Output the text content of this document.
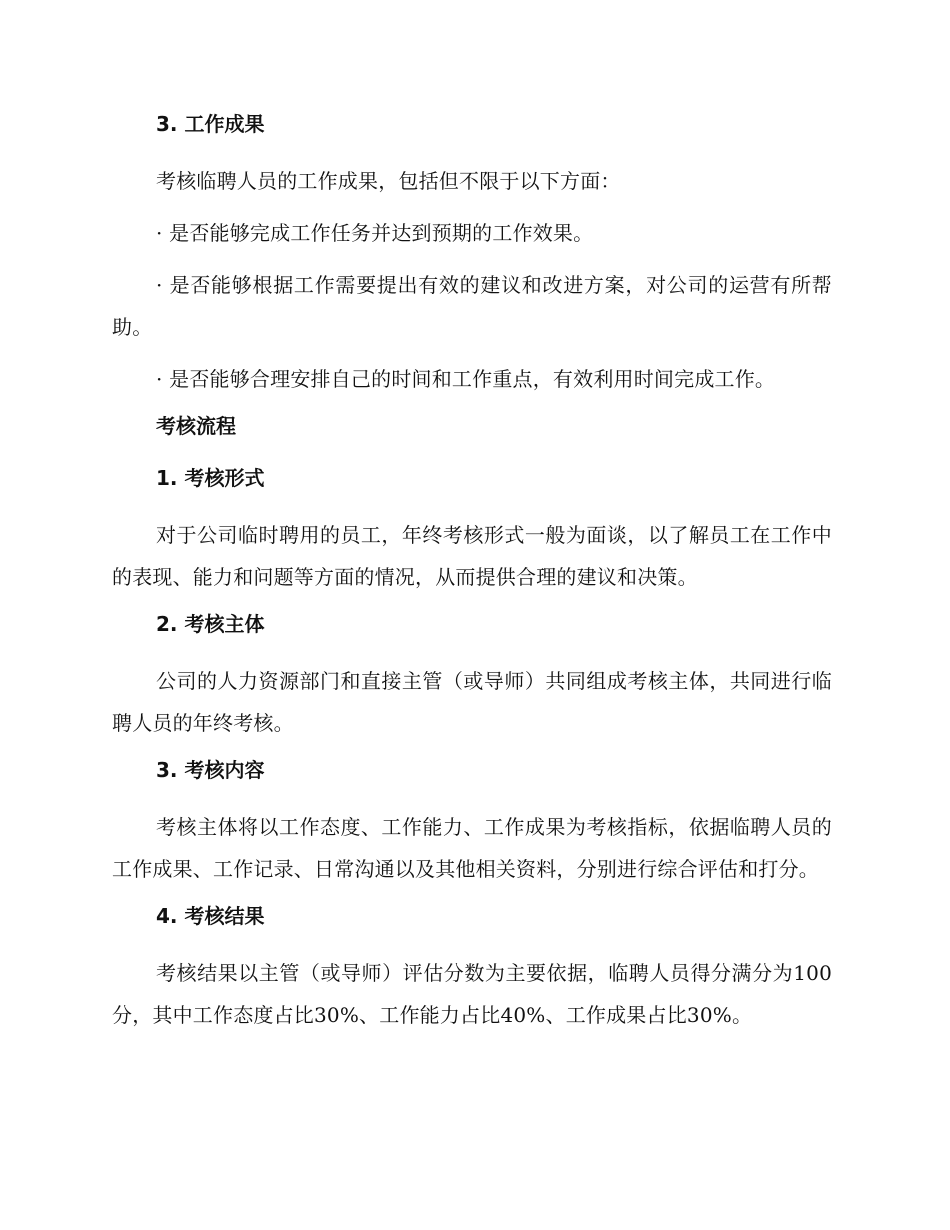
3. 工作成果
考核临聘人员的工作成果，包括但不限于以下方面：
· 是否能够完成工作任务并达到预期的工作效果。
· 是否能够根据工作需要提出有效的建议和改进方案，对公司的运营有所帮助。
· 是否能够合理安排自己的时间和工作重点，有效利用时间完成工作。
考核流程
1. 考核形式
对于公司临时聘用的员工，年终考核形式一般为面谈，以了解员工在工作中的表现、能力和问题等方面的情况，从而提供合理的建议和决策。
2. 考核主体
公司的人力资源部门和直接主管（或导师）共同组成考核主体，共同进行临聘人员的年终考核。
3. 考核内容
考核主体将以工作态度、工作能力、工作成果为考核指标，依据临聘人员的工作成果、工作记录、日常沟通以及其他相关资料，分别进行综合评估和打分。
4. 考核结果
考核结果以主管（或导师）评估分数为主要依据，临聘人员得分满分为100分，其中工作态度占比30%、工作能力占比40%、工作成果占比30%。
